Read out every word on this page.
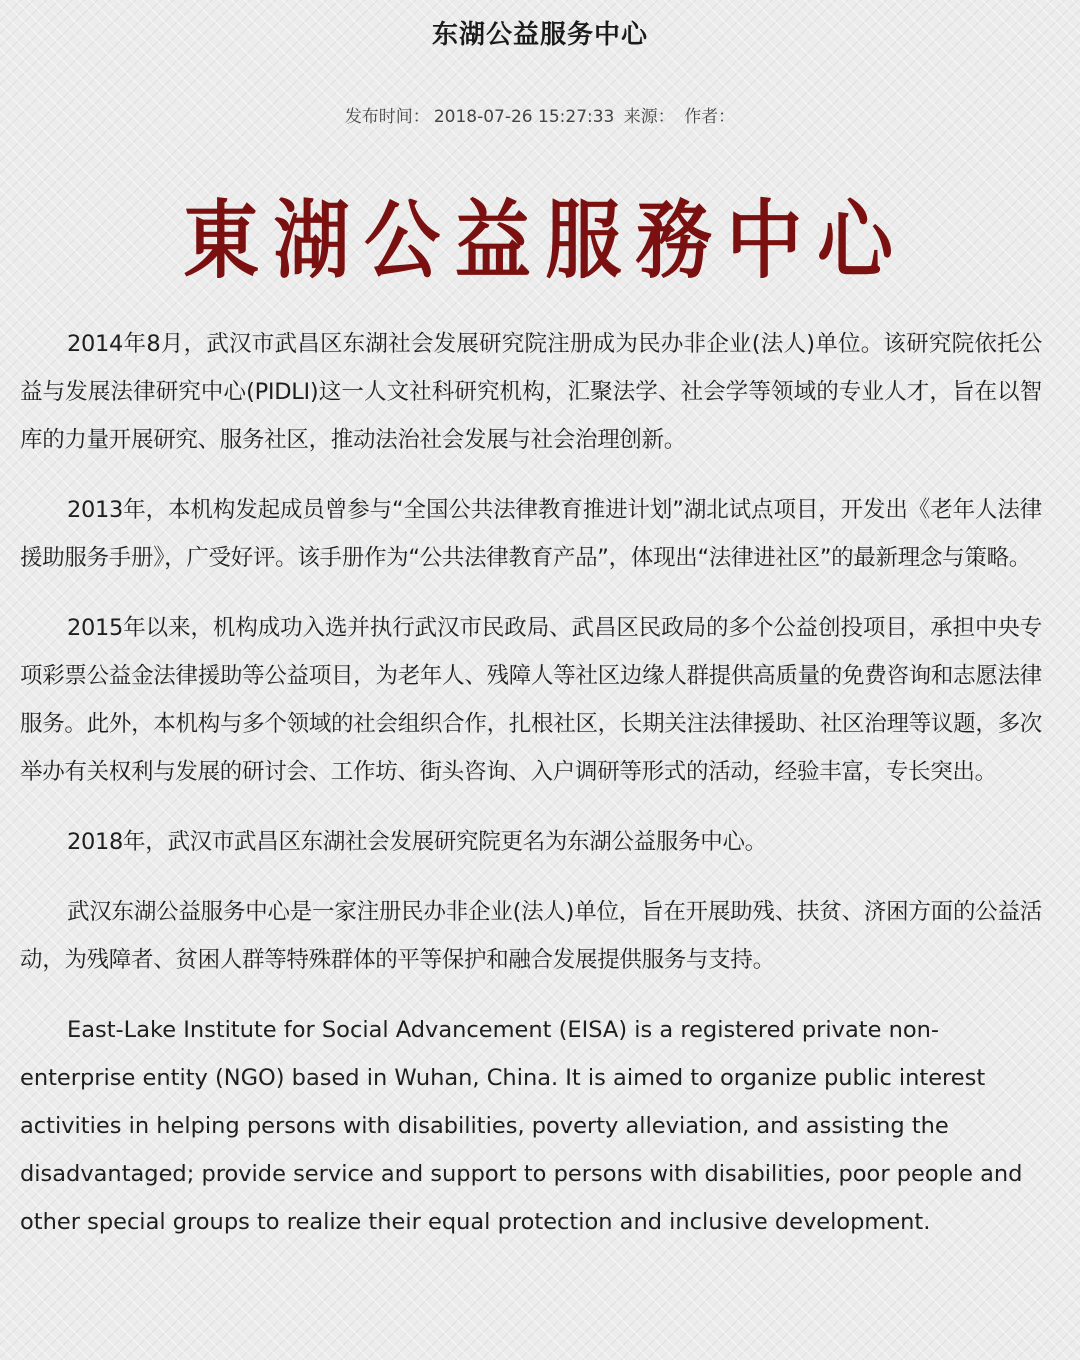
东湖公益服务中心
发布时间： 2018-07-26 15:27:33 来源： 作者：
東 湖 公 益 服 務 中 心

2014年8月，武汉市武昌区东湖社会发展研究院注册成为民办非企业(法人)单位。该研究院依托公益与发展法律研究中心(PIDLI)这一人文社科研究机构，汇聚法学、社会学等领域的专业人才，旨在以智库的力量开展研究、服务社区，推动法治社会发展与社会治理创新。

2013年，本机构发起成员曾参与“全国公共法律教育推进计划”湖北试点项目，开发出《老年人法律援助服务手册》，广受好评。该手册作为“公共法律教育产品”，体现出“法律进社区”的最新理念与策略。

2015年以来，机构成功入选并执行武汉市民政局、武昌区民政局的多个公益创投项目，承担中央专项彩票公益金法律援助等公益项目，为老年人、残障人等社区边缘人群提供高质量的免费咨询和志愿法律服务。此外，本机构与多个领域的社会组织合作，扎根社区，长期关注法律援助、社区治理等议题，多次举办有关权利与发展的研讨会、工作坊、街头咨询、入户调研等形式的活动，经验丰富，专长突出。

2018年，武汉市武昌区东湖社会发展研究院更名为东湖公益服务中心。

武汉东湖公益服务中心是一家注册民办非企业(法人)单位，旨在开展助残、扶贫、济困方面的公益活动，为残障者、贫困人群等特殊群体的平等保护和融合发展提供服务与支持。

East-Lake Institute for Social Advancement (EISA) is a registered private non-enterprise entity (NGO) based in Wuhan, China. It is aimed to organize public interest activities in helping persons with disabilities, poverty alleviation, and assisting the disadvantaged; provide service and support to persons with disabilities, poor people and other special groups to realize their equal protection and inclusive development.
